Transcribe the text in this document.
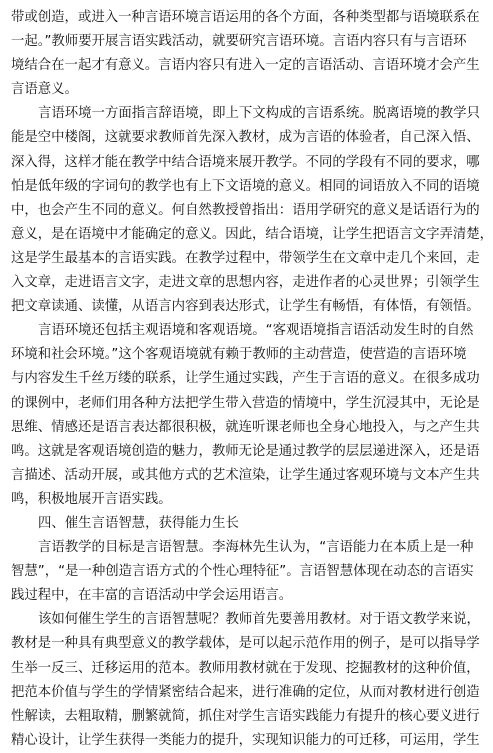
带或创造，或进入一种言语环境言语运用的各个方面，各种类型都与语境联系在
一起。”教师要开展言语实践活动，就要研究言语环境。言语内容只有与言语环
境结合在一起才有意义。言语内容只有进入一定的言语活动、言语环境才会产生
言语意义。
言语环境一方面指言辞语境，即上下文构成的言语系统。脱离语境的教学只
能是空中楼阁，这就要求教师首先深入教材，成为言语的体验者，自己深入悟、
深入得，这样才能在教学中结合语境来展开教学。不同的学段有不同的要求，哪
怕是低年级的字词句的教学也有上下文语境的意义。相同的词语放入不同的语境
中，也会产生不同的意义。何自然教授曾指出：语用学研究的意义是话语行为的
意义，是在语境中才能确定的意义。因此，结合语境，让学生把语言文字弄清楚，
这是学生最基本的言语实践。在教学过程中，带领学生在文章中走几个来回，走
入文章，走进语言文字，走进文章的思想内容，走进作者的心灵世界；引领学生
把文章读通、读懂，从语言内容到表达形式，让学生有畅悟，有体悟，有领悟。
言语环境还包括主观语境和客观语境。“客观语境指言语活动发生时的自然
环境和社会环境。”这个客观语境就有赖于教师的主动营造，使营造的言语环境
与内容发生千丝万缕的联系，让学生通过实践，产生于言语的意义。在很多成功
的课例中，老师们用各种方法把学生带入营造的情境中，学生沉浸其中，无论是
思维、情感还是语言表达都很积极，就连听课老师也全身心地投入，与之产生共
鸣。这就是客观语境创造的魅力，教师无论是通过教学的层层递进深入，还是语
言描述、活动开展，或其他方式的艺术渲染，让学生通过客观环境与文本产生共
鸣，积极地展开言语实践。
四、催生言语智慧，获得能力生长
言语教学的目标是言语智慧。李海林先生认为，“言语能力在本质上是一种
智慧”，“是一种创造言语方式的个性心理特征”。言语智慧体现在动态的言语实
践过程中，在丰富的言语活动中学会运用语言。
该如何催生学生的言语智慧呢？教师首先要善用教材。对于语文教学来说，
教材是一种具有典型意义的教学载体，是可以起示范作用的例子，是可以指导学
生举一反三、迁移运用的范本。教师用教材就在于发现、挖掘教材的这种价值，
把范本价值与学生的学情紧密结合起来，进行准确的定位，从而对教材进行创造
性解读，去粗取精，删繁就简，抓住对学生言语实践能力有提升的核心要义进行
精心设计，让学生获得一类能力的提升，实现知识能力的可迁移，可运用，学生
